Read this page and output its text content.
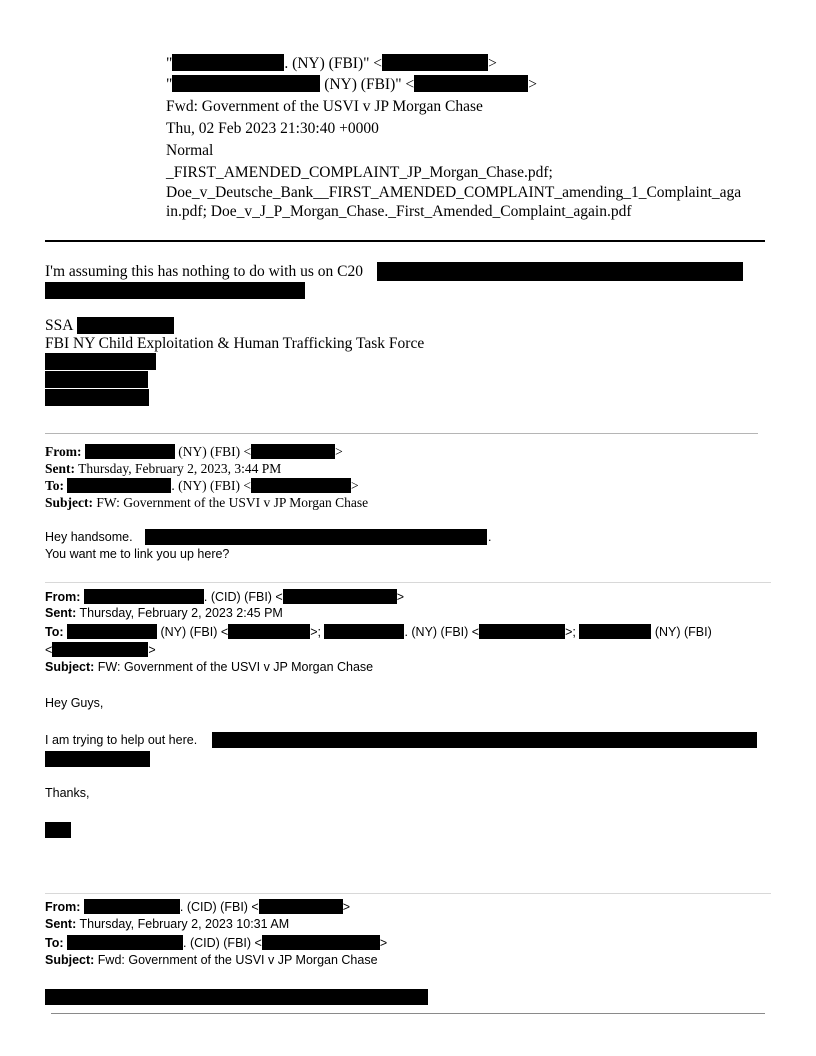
"	. (NY) (FBI)" <	>
"	(NY) (FBI)" <	>
Fwd: Government of the USVI v JP Morgan Chase
Thu, 02 Feb 2023 21:30:40 +0000
Normal
_FIRST_AMENDED_COMPLAINT_JP_Morgan_Chase.pdf;
Doe_v_Deutsche_Bank__FIRST_AMENDED_COMPLAINT_amending_1_Complaint_aga
in.pdf; Doe_v_J_P_Morgan_Chase._First_Amended_Complaint_again.pdf
I'm assuming this has nothing to do with us on C20
SSA
FBI NY Child Exploitation & Human Trafficking Task Force
From:	(NY) (FBI) <	>
Sent: Thursday, February 2, 2023, 3:44 PM
To:	. (NY) (FBI) <	>
Subject: FW: Government of the USVI v JP Morgan Chase
Hey handsome.	.
You want me to link you up here?
From:	. (CID) (FBI) <	>
Sent: Thursday, February 2, 2023 2:45 PM
To:	(NY) (FBI) <	>;	. (NY) (FBI) <	>;	(NY) (FBI)
<	>
Subject: FW: Government of the USVI v JP Morgan Chase
Hey Guys,
I am trying to help out here.
Thanks,
From:	. (CID) (FBI) <	>
Sent: Thursday, February 2, 2023 10:31 AM
To:	. (CID) (FBI) <	>
Subject: Fwd: Government of the USVI v JP Morgan Chase
